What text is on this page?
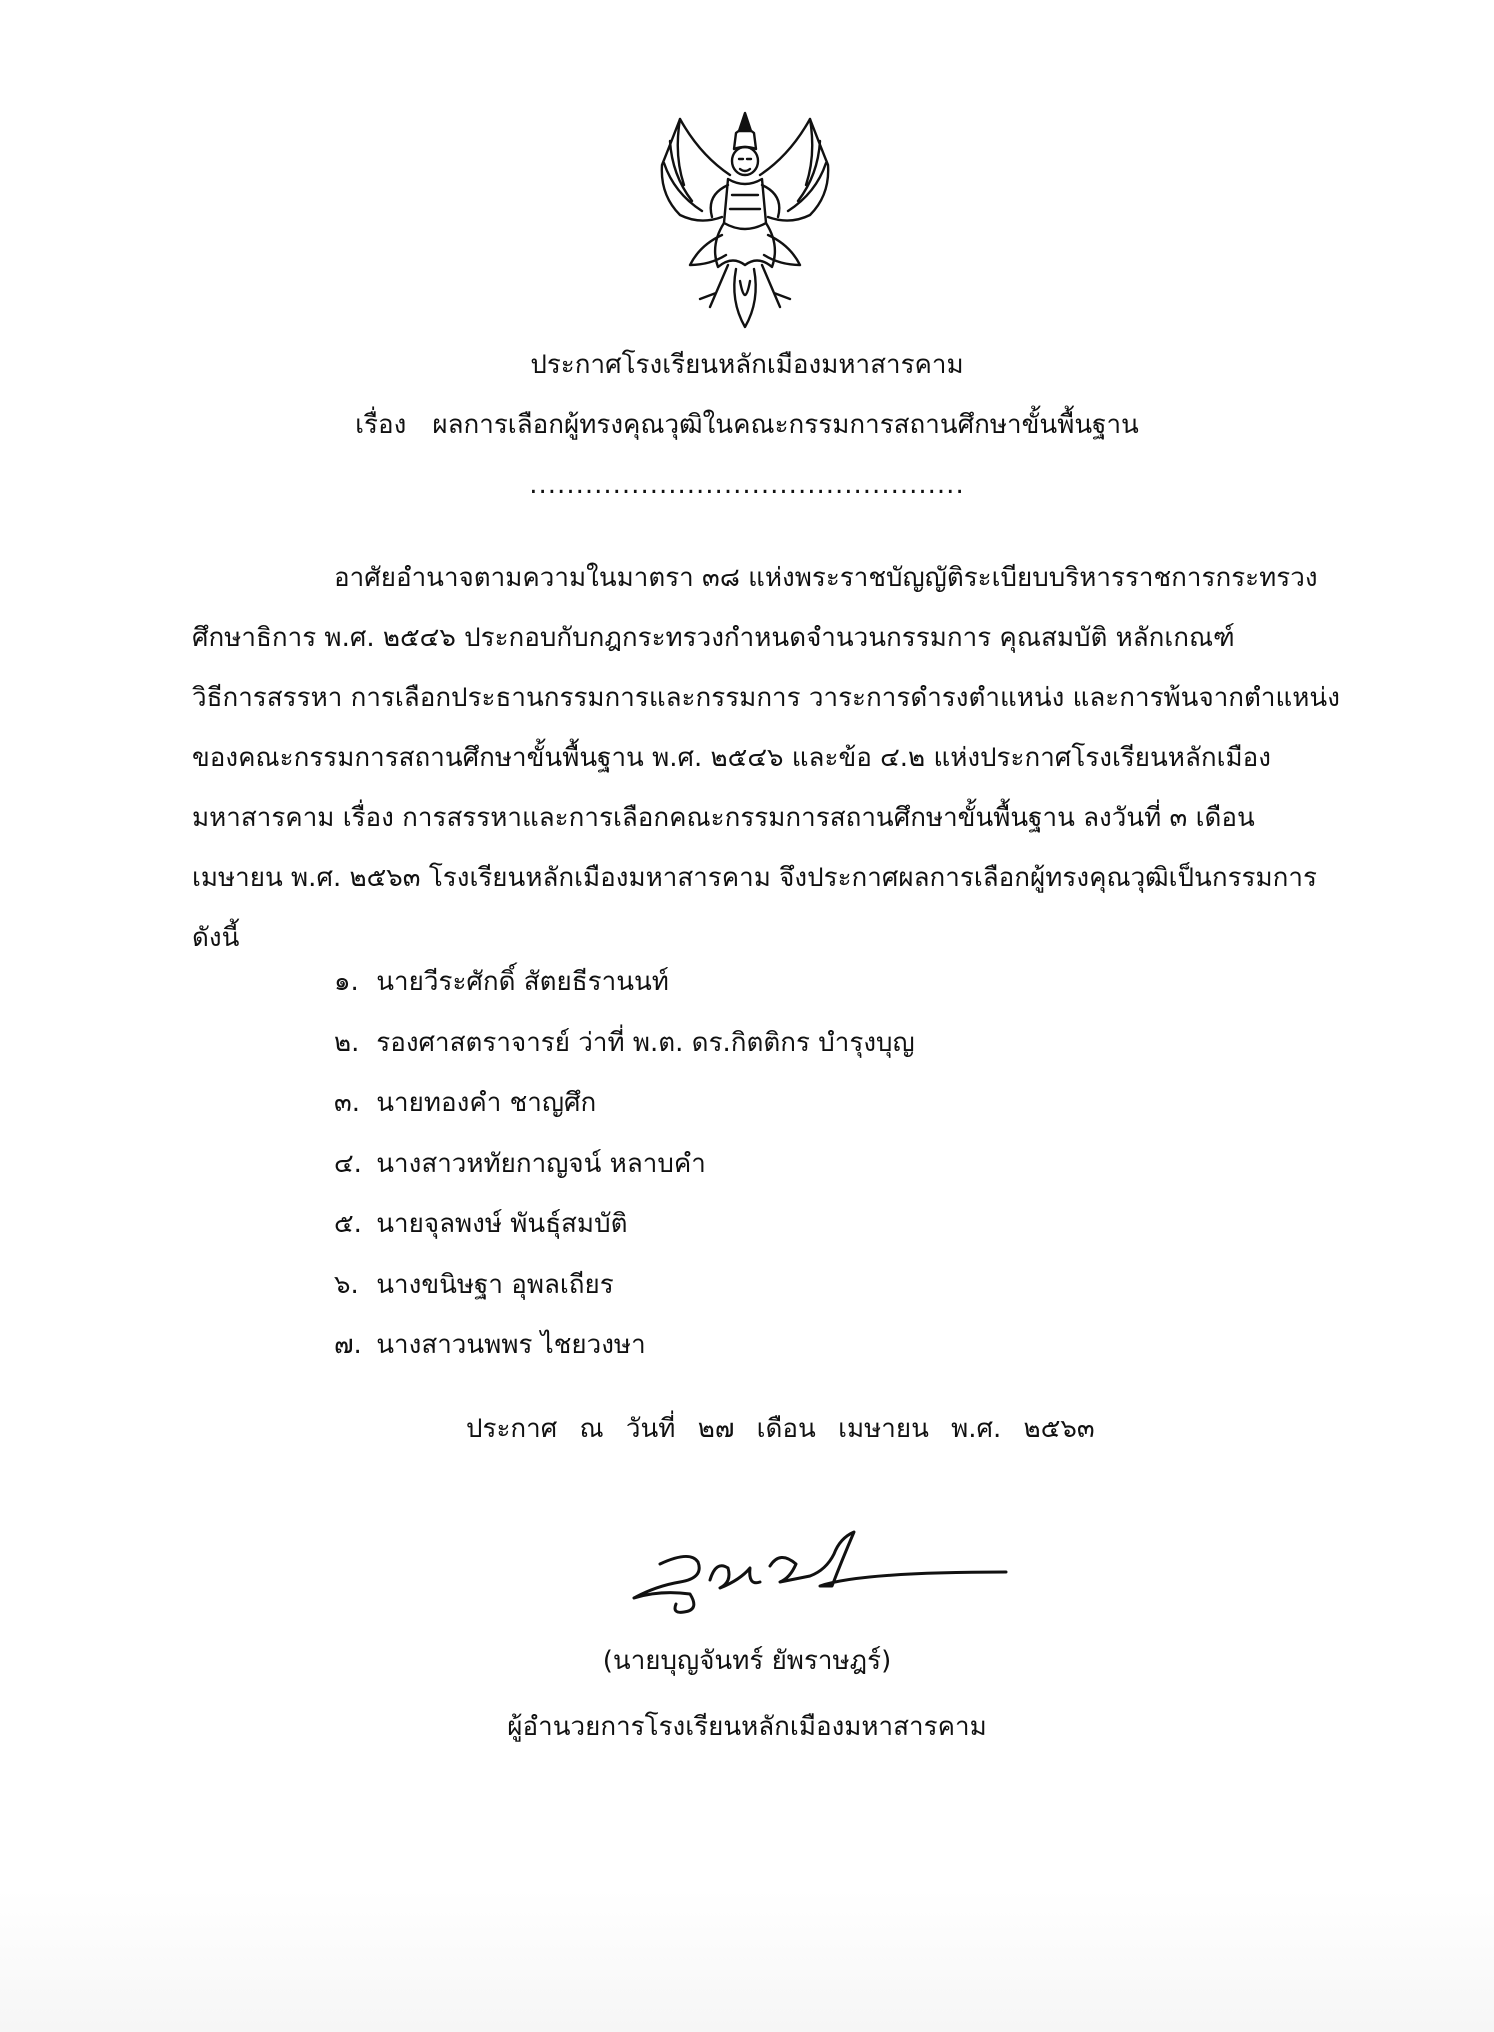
ประกาศโรงเรียนหลักเมืองมหาสารคาม
เรื่อง ผลการเลือกผู้ทรงคุณวุฒิในคณะกรรมการสถานศึกษาขั้นพื้นฐาน
...............................................
อาศัยอำนาจตามความในมาตรา ๓๘ แห่งพระราชบัญญัติระเบียบบริหารราชการกระทรวง
ศึกษาธิการ พ.ศ. ๒๕๔๖ ประกอบกับกฎกระทรวงกำหนดจำนวนกรรมการ คุณสมบัติ หลักเกณฑ์
วิธีการสรรหา การเลือกประธานกรรมการและกรรมการ วาระการดำรงตำแหน่ง และการพ้นจากตำแหน่ง
ของคณะกรรมการสถานศึกษาขั้นพื้นฐาน พ.ศ. ๒๕๔๖ และข้อ ๔.๒ แห่งประกาศโรงเรียนหลักเมือง
มหาสารคาม เรื่อง การสรรหาและการเลือกคณะกรรมการสถานศึกษาขั้นพื้นฐาน ลงวันที่ ๓ เดือน
เมษายน พ.ศ. ๒๕๖๓ โรงเรียนหลักเมืองมหาสารคาม จึงประกาศผลการเลือกผู้ทรงคุณวุฒิเป็นกรรมการ
ดังนี้
๑. นายวีระศักดิ์ สัตยธีรานนท์
๒. รองศาสตราจารย์ ว่าที่ พ.ต. ดร.กิตติกร บำรุงบุญ
๓. นายทองคำ ชาญศึก
๔. นางสาวหทัยกาญจน์ หลาบคำ
๕. นายจุลพงษ์ พันธุ์สมบัติ
๖. นางขนิษฐา อุพลเถียร
๗. นางสาวนพพร ไชยวงษา
ประกาศ ณ วันที่ ๒๗ เดือน เมษายน พ.ศ. ๒๕๖๓
(นายบุญจันทร์ ยัพราษฎร์)
ผู้อำนวยการโรงเรียนหลักเมืองมหาสารคาม
